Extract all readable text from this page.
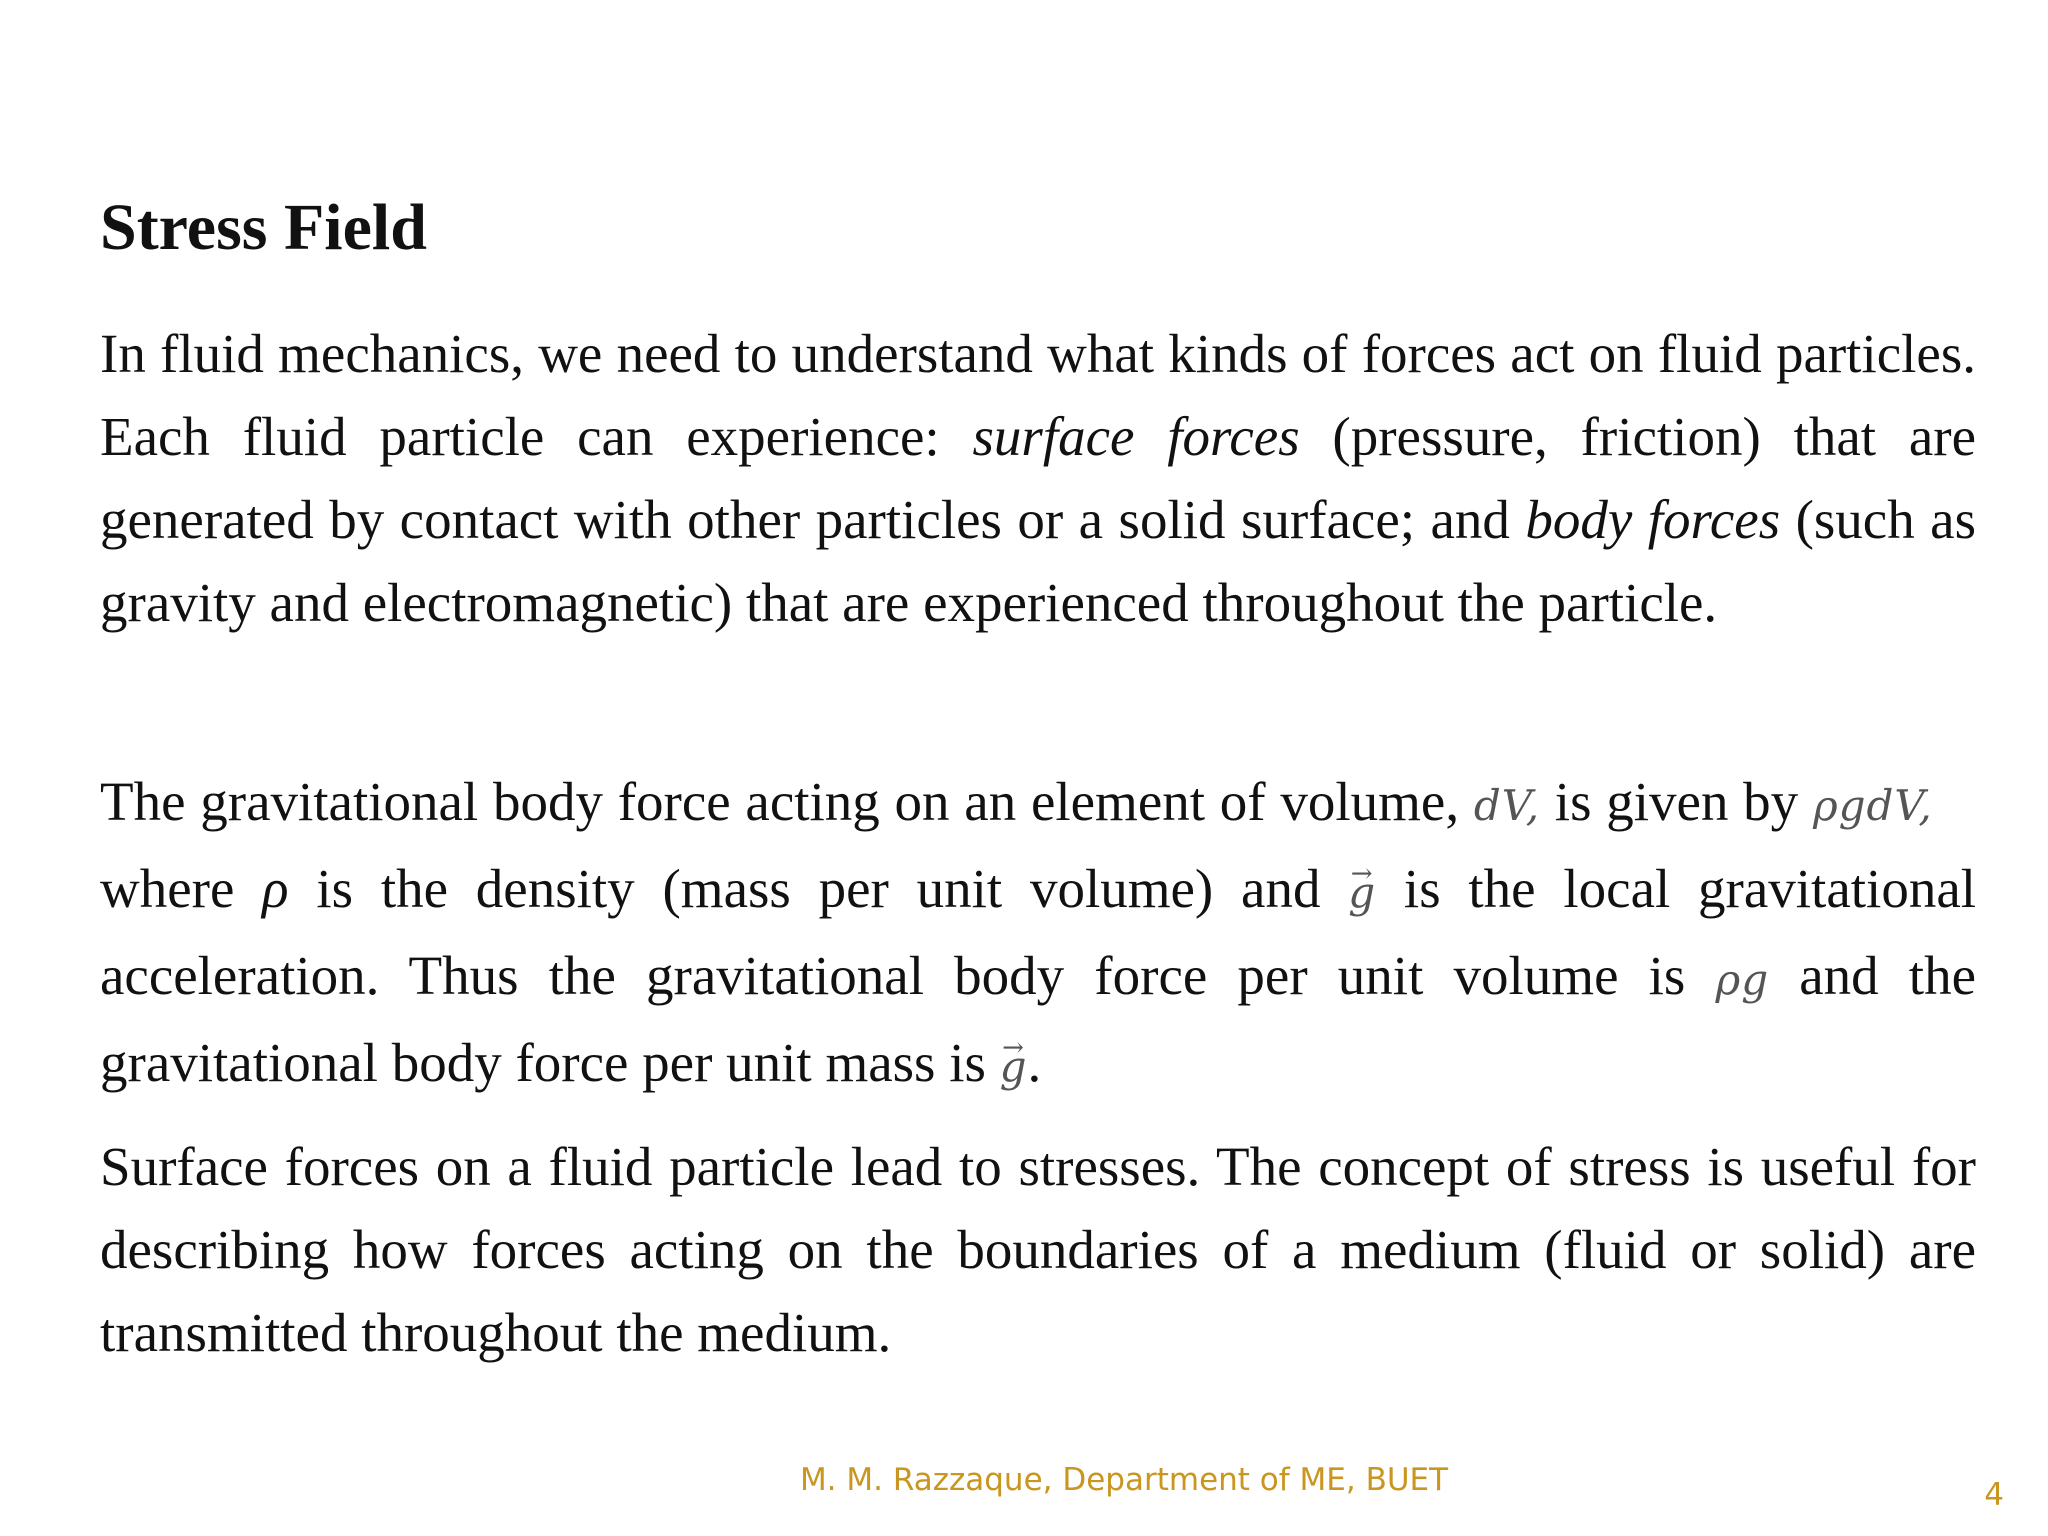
Stress Field
In fluid mechanics, we need to understand what kinds of forces act on fluid particles. Each fluid particle can experience: surface forces (pressure, friction) that are generated by contact with other particles or a solid surface; and body forces (such as gravity and electromagnetic) that are experienced throughout the particle.
The gravitational body force acting on an element of volume, dV, is given by ρgdV,    where ρ is the density (mass per unit volume) and → g is the local gravitational acceleration. Thus the gravitational body force per unit volume is ρg and the gravitational body force per unit mass is → g.
Surface forces on a fluid particle lead to stresses. The concept of stress is useful for describing how forces acting on the boundaries of a medium (fluid or solid) are transmitted throughout the medium.
M. M. Razzaque, Department of ME, BUET	4
